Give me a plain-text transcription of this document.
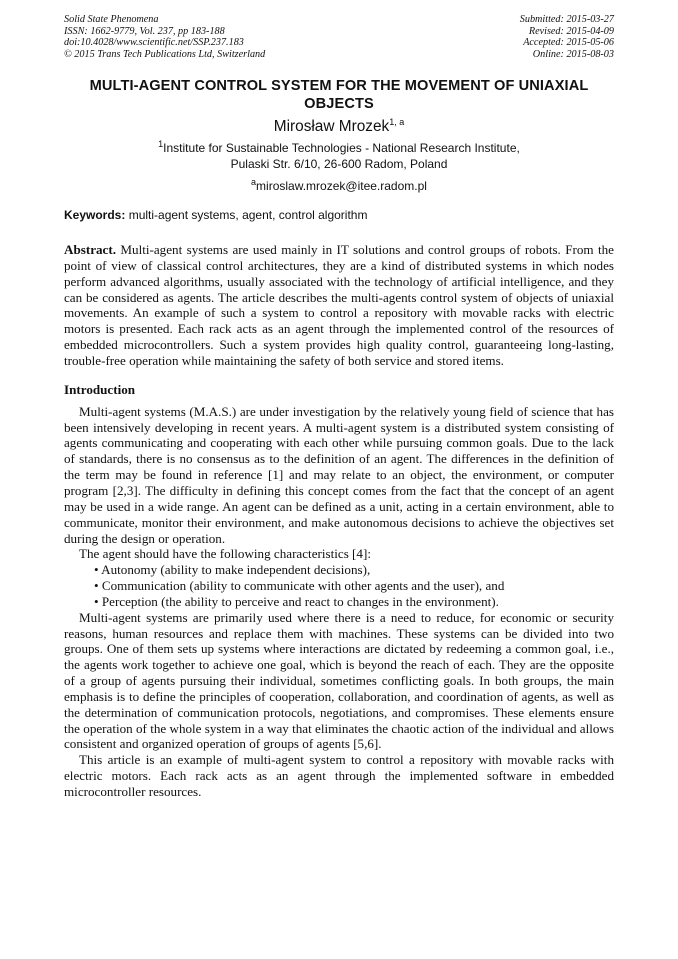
Solid State Phenomena
ISSN: 1662-9779, Vol. 237, pp 183-188
doi:10.4028/www.scientific.net/SSP.237.183
© 2015 Trans Tech Publications Ltd, Switzerland
Submitted: 2015-03-27
Revised: 2015-04-09
Accepted: 2015-05-06
Online: 2015-08-03
MULTI-AGENT CONTROL SYSTEM FOR THE MOVEMENT OF UNIAXIAL OBJECTS
Mirosław Mrozek$^{1, a}$
$^1$Institute for Sustainable Technologies - National Research Institute,
Pulaski Str. 6/10, 26-600 Radom, Poland
$^a$miroslaw.mrozek@itee.radom.pl
Keywords: multi-agent systems, agent, control algorithm
Abstract. Multi-agent systems are used mainly in IT solutions and control groups of robots. From the point of view of classical control architectures, they are a kind of distributed systems in which nodes perform advanced algorithms, usually associated with the technology of artificial intelligence, and they can be considered as agents. The article describes the multi-agents control system of objects of uniaxial movements. An example of such a system to control a repository with movable racks with electric motors is presented. Each rack acts as an agent through the implemented control of the resources of embedded microcontrollers. Such a system provides high quality control, guaranteeing long-lasting, trouble-free operation while maintaining the safety of both service and stored items.
Introduction

Multi-agent systems (M.A.S.) are under investigation by the relatively young field of science that has been intensively developing in recent years. A multi-agent system is a distributed system consisting of agents communicating and cooperating with each other while pursuing common goals. Due to the lack of standards, there is no consensus as to the definition of an agent. The differences in the definition of the term may be found in reference [1] and may relate to an object, the environment, or computer program [2,3]. The difficulty in defining this concept comes from the fact that the concept of an agent may be used in a wide range. An agent can be defined as a unit, acting in a certain environment, able to communicate, monitor their environment, and make autonomous decisions to achieve the objectives set during the design or operation.

The agent should have the following characteristics [4]:

• Autonomy (ability to make independent decisions),

• Communication (ability to communicate with other agents and the user), and

• Perception (the ability to perceive and react to changes in the environment).

Multi-agent systems are primarily used where there is a need to reduce, for economic or security reasons, human resources and replace them with machines. These systems can be divided into two groups. One of them sets up systems where interactions are dictated by redeeming a common goal, i.e., the agents work together to achieve one goal, which is beyond the reach of each. They are the opposite of a group of agents pursuing their individual, sometimes conflicting goals. In both groups, the main emphasis is to define the principles of cooperation, collaboration, and coordination of agents, as well as the determination of communication protocols, negotiations, and compromises. These elements ensure the operation of the whole system in a way that eliminates the chaotic action of the individual and allows consistent and organized operation of groups of agents [5,6].

This article is an example of multi-agent system to control a repository with movable racks with electric motors. Each rack acts as an agent through the implemented software in embedded microcontroller resources.
